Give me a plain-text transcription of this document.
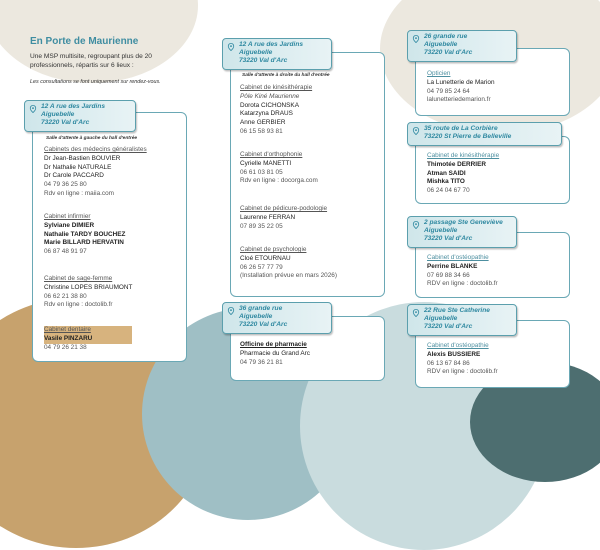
En Porte de Maurienne

Une MSP multisite, regroupant plus de 20 professionnels, répartis sur 6 lieux :

Les consultations se font uniquement sur rendez-vous.

12 A rue des Jardins
Aiguebelle
73220 Val d'Arc
Salle d'attente à gauche du hall d'entrée
Cabinets des médecins généralistes
Dr Jean-Bastien BOUVIER
Dr Nathalie NATURALE
Dr Carole PACCARD
04 79 36 25 80
Rdv en ligne : maiia.com
Cabinet infirmier
Sylviane DIMIER
Nathalie TARDY BOUCHEZ
Marie BILLARD HERVATIN
06 87 48 91 97
Cabinet de sage-femme
Christine LOPES BRIAUMONT
06 62 21 38 80
Rdv en ligne : doctolib.fr
Cabinet dentaire
Vasile PINZARU
04 79 26 21 38
12 A rue des Jardins
Aiguebelle
73220 Val d'Arc
Salle d'attente à droite du hall d'entrée
Cabinet de kinésithérapie
Pôle Kiné Maurienne
Dorota CICHONSKA
Katarzyna DRAUS
Anne GERBIER
06 15 58 93 81
Cabinet d'orthophonie
Cyrielle MANETTI
06 61 03 81 05
Rdv en ligne : docorga.com
Cabinet de pédicure-podologie
Laurenne FERRAN
07 89 35 22 05
Cabinet de psychologie
Cloé ETOURNAU
06 26 57 77 79
(Installation prévue en mars 2026)
36 grande rue
Aiguebelle
73220 Val d'Arc
Officine de pharmacie
Pharmacie du Grand Arc
04 79 36 21 81
26 grande rue
Aiguebelle
73220 Val d'Arc
Opticien
La Lunetterie de Marion
04 79 85 24 64
lalunetteriedemarion.fr
35 route de La Corbière
73220 St Pierre de Belleville
Cabinet de kinésithérapie
Thimotée DERRIER
Atman SAIDI
Mishka TITO
06 24 04 67 70
2 passage Ste Geneviève
Aiguebelle
73220 Val d'Arc
Cabinet d'ostéopathie
Perrine BLANKE
07 69 88 34 66
RDV en ligne : doctolib.fr
22 Rue Ste Catherine
Aiguebelle
73220 Val d'Arc
Cabinet d'ostéopathie
Alexis BUSSIERE
06 13 67 84 86
RDV en ligne : doctolib.fr
